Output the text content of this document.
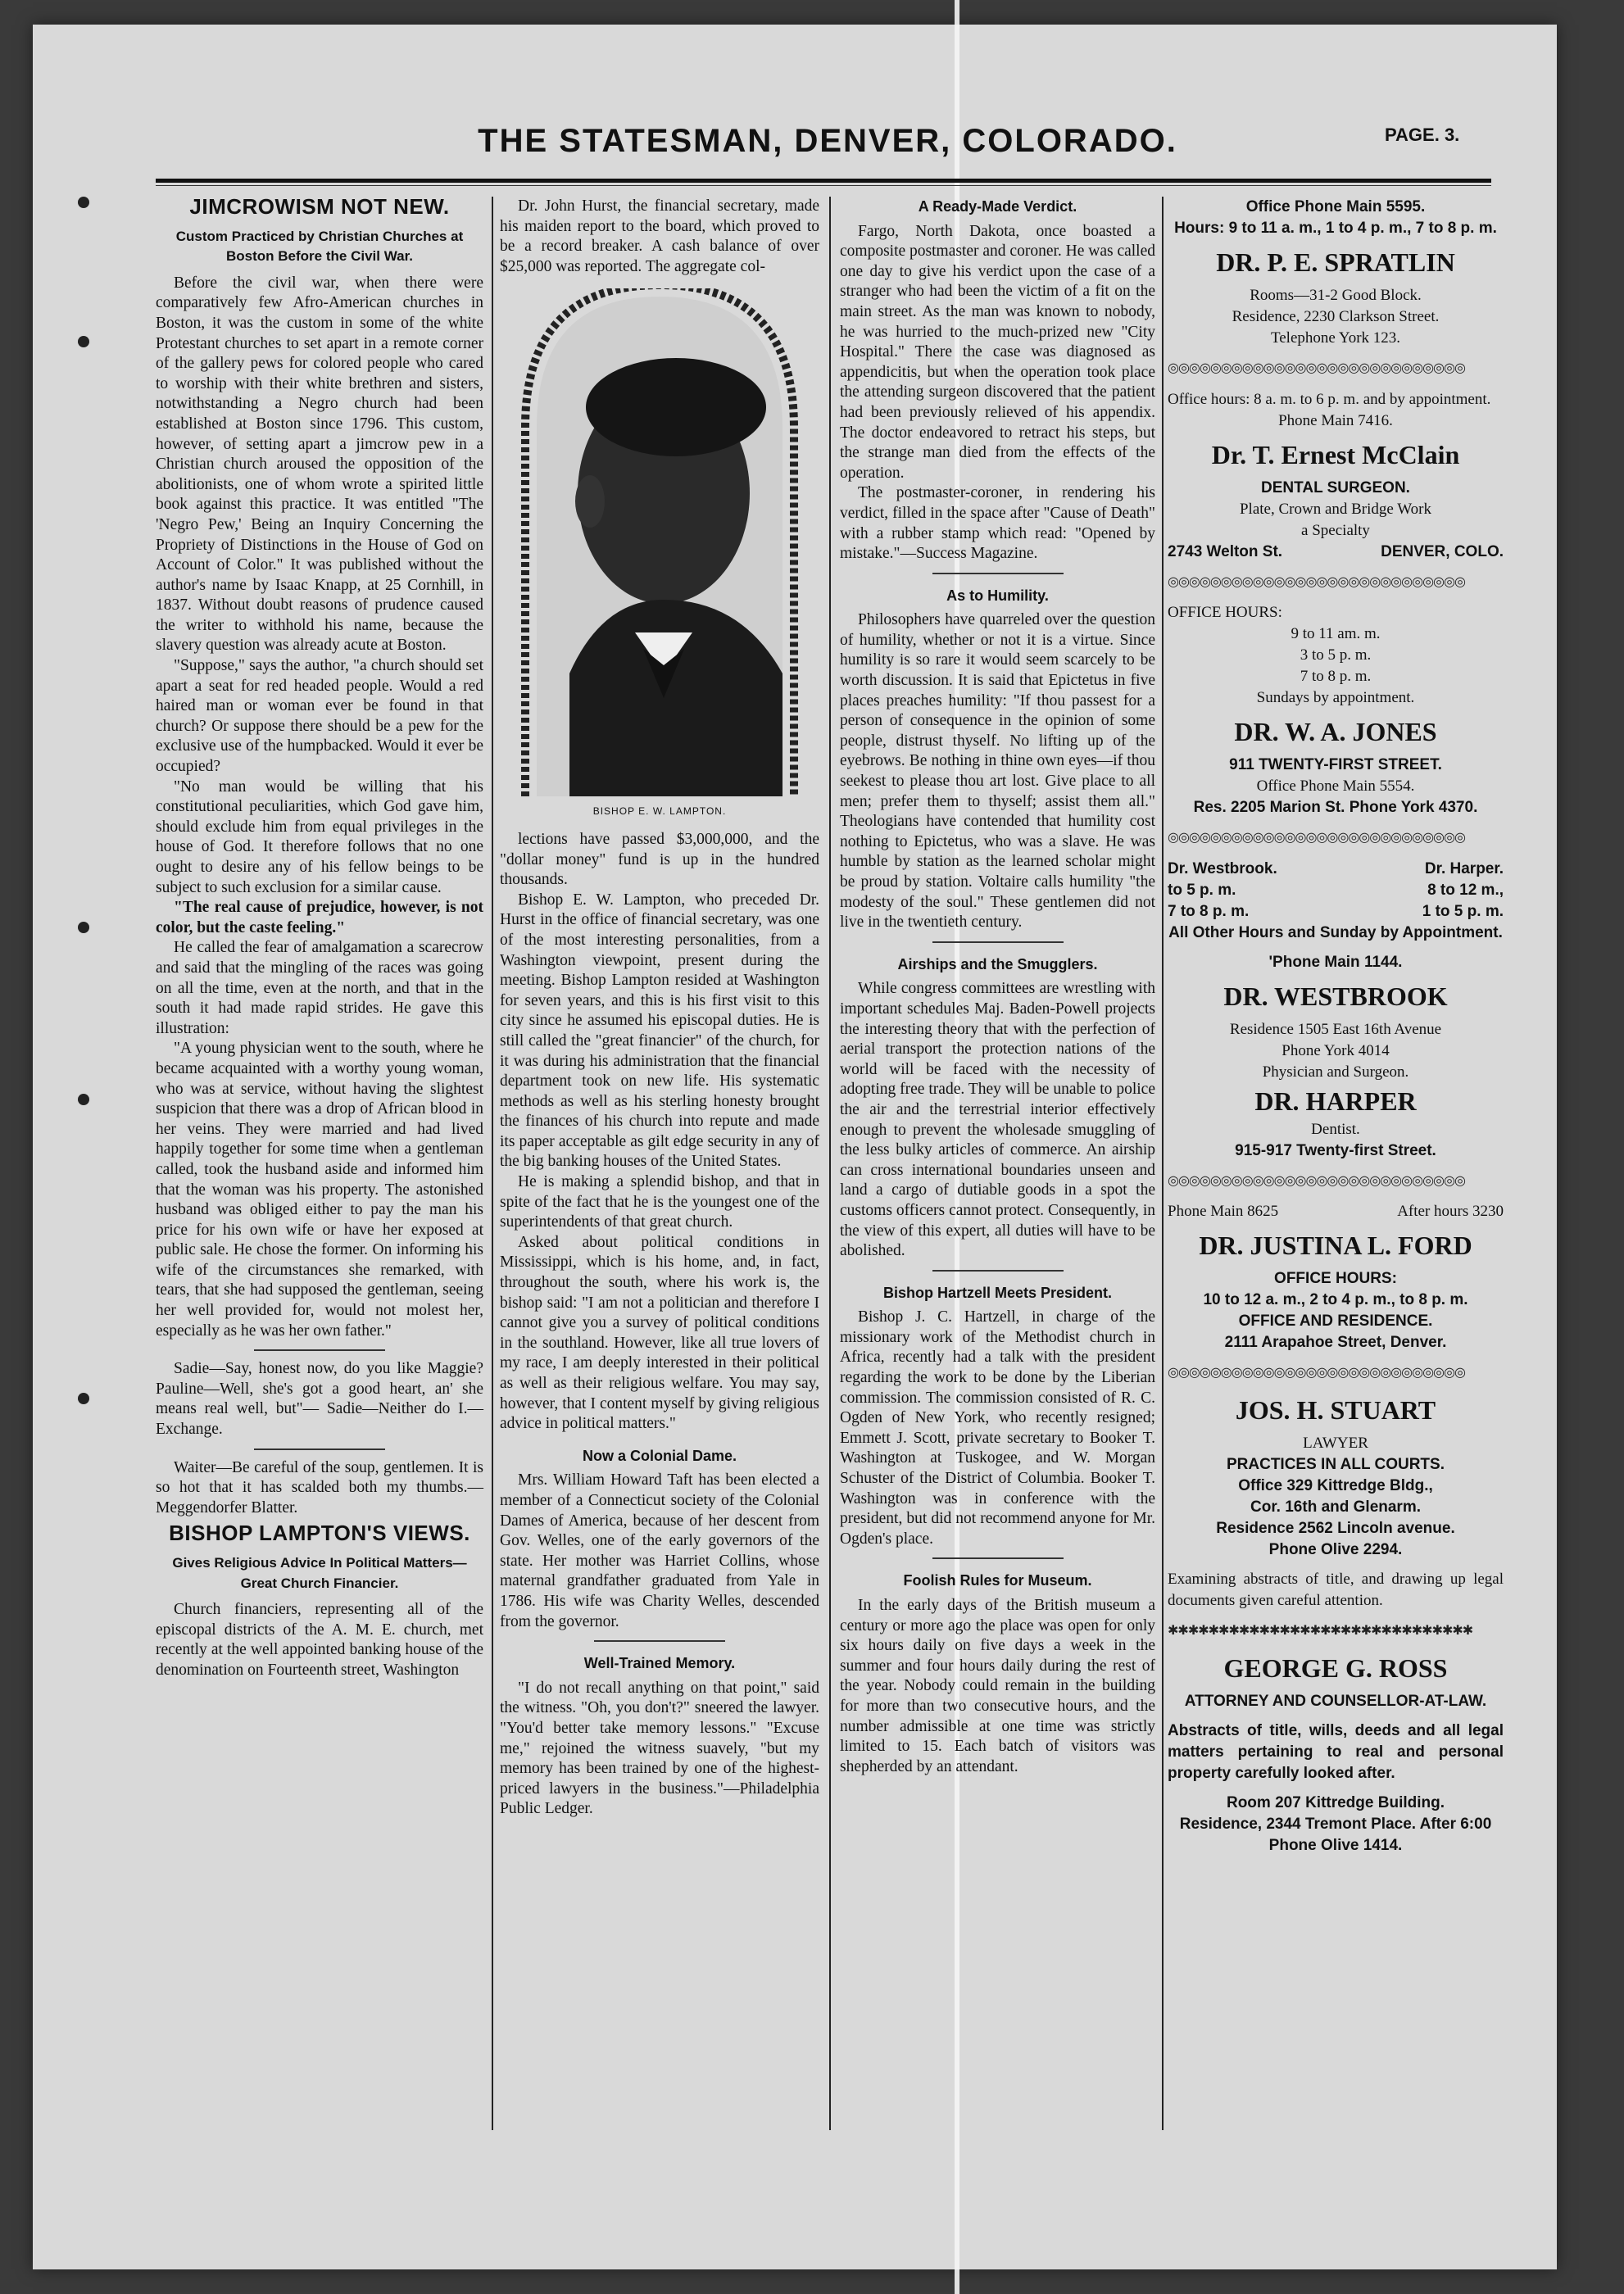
THE STATESMAN, DENVER, COLORADO.	PAGE. 3.
JIMCROWISM NOT NEW.
Custom Practiced by Christian Churches at Boston Before the Civil War.

Before the civil war, when there were comparatively few Afro-American churches in Boston, it was the custom in some of the white Protestant churches to set apart in a remote corner of the gallery pews for colored people who cared to worship with their white brethren and sisters, notwithstanding a Negro church had been established at Boston since 1796. This custom, however, of setting apart a jimcrow pew in a Christian church aroused the opposition of the abolitionists, one of whom wrote a spirited little book against this practice. It was entitled "The 'Negro Pew,' Being an Inquiry Concerning the Propriety of Distinctions in the House of God on Account of Color." It was published without the author's name by Isaac Knapp, at 25 Cornhill, in 1837. Without doubt reasons of prudence caused the writer to withhold his name, because the slavery question was already acute at Boston.

"Suppose," says the author, "a church should set apart a seat for red headed people. Would a red haired man or woman ever be found in that church? Or suppose there should be a pew for the exclusive use of the humpbacked. Would it ever be occupied?

"No man would be willing that his constitutional peculiarities, which God gave him, should exclude him from equal privileges in the house of God. It therefore follows that no one ought to desire any of his fellow beings to be subject to such exclusion for a similar cause.

"The real cause of prejudice, however, is not color, but the caste feeling."

He called the fear of amalgamation a scarecrow and said that the mingling of the races was going on all the time, even at the north, and that in the south it had made rapid strides. He gave this illustration:

"A young physician went to the south, where he became acquainted with a worthy young woman, who was at service, without having the slightest suspicion that there was a drop of African blood in her veins. They were married and had lived happily together for some time when a gentleman called, took the husband aside and informed him that the woman was his property. The astonished husband was obliged either to pay the man his price for his own wife or have her exposed at public sale. He chose the former. On informing his wife of the circumstances she remarked, with tears, that she had supposed the gentleman, seeing her well provided for, would not molest her, especially as he was her own father."

Sadie—Say, honest now, do you like Maggie? Pauline—Well, she's got a good heart, an' she means real well, but"— Sadie—Neither do I.—Exchange.

Waiter—Be careful of the soup, gentlemen. It is so hot that it has scalded both my thumbs.—Meggendorfer Blatter.

BISHOP LAMPTON'S VIEWS.
Gives Religious Advice In Political Matters—Great Church Financier.

Church financiers, representing all of the episcopal districts of the A. M. E. church, met recently at the well appointed banking house of the denomination on Fourteenth street, Washington

Dr. John Hurst, the financial secretary, made his maiden report to the board, which proved to be a record breaker. A cash balance of over $25,000 was reported. The aggregate col-

BISHOP E. W. LAMPTON.

lections have passed $3,000,000, and the "dollar money" fund is up in the hundred thousands.

Bishop E. W. Lampton, who preceded Dr. Hurst in the office of financial secretary, was one of the most interesting personalities, from a Washington viewpoint, present during the meeting. Bishop Lampton resided at Washington for seven years, and this is his first visit to this city since he assumed his episcopal duties. He is still called the "great financier" of the church, for it was during his administration that the financial department took on new life. His systematic methods as well as his sterling honesty brought the finances of his church into repute and made its paper acceptable as gilt edge security in any of the big banking houses of the United States.

He is making a splendid bishop, and that in spite of the fact that he is the youngest one of the superintendents of that great church.

Asked about political conditions in Mississippi, which is his home, and, in fact, throughout the south, where his work is, the bishop said: "I am not a politician and therefore I cannot give you a survey of political conditions in the southland. However, like all true lovers of my race, I am deeply interested in their political as well as their religious welfare. You may say, however, that I content myself by giving religious advice in political matters."

Now a Colonial Dame.

Mrs. William Howard Taft has been elected a member of a Connecticut society of the Colonial Dames of America, because of her descent from Gov. Welles, one of the early governors of the state. Her mother was Harriet Collins, whose maternal grandfather graduated from Yale in 1786. His wife was Charity Welles, descended from the governor.

Well-Trained Memory.

"I do not recall anything on that point," said the witness. "Oh, you don't?" sneered the lawyer. "You'd better take memory lessons." "Excuse me," rejoined the witness suavely, "but my memory has been trained by one of the highest-priced lawyers in the business."—Philadelphia Public Ledger.

A Ready-Made Verdict.

Fargo, North Dakota, once boasted a composite postmaster and coroner. He was called one day to give his verdict upon the case of a stranger who had been the victim of a fit on the main street. As the man was known to nobody, he was hurried to the much-prized new "City Hospital." There the case was diagnosed as appendicitis, but when the operation took place the attending surgeon discovered that the patient had been previously relieved of his appendix. The doctor endeavored to retract his steps, but the strange man died from the effects of the operation.

The postmaster-coroner, in rendering his verdict, filled in the space after "Cause of Death" with a rubber stamp which read: "Opened by mistake."—Success Magazine.

As to Humility.

Philosophers have quarreled over the question of humility, whether or not it is a virtue. Since humility is so rare it would seem scarcely to be worth discussion. It is said that Epictetus in five places preaches humility: "If thou passest for a person of consequence in the opinion of some people, distrust thyself. No lifting up of the eyebrows. Be nothing in thine own eyes—if thou seekest to please thou art lost. Give place to all men; prefer them to thyself; assist them all." Theologians have contended that humility cost nothing to Epictetus, who was a slave. He was humble by station as the learned scholar might be proud by station. Voltaire calls humility "the modesty of the soul." These gentlemen did not live in the twentieth century.

Airships and the Smugglers.

While congress committees are wrestling with important schedules Maj. Baden-Powell projects the interesting theory that with the perfection of aerial transport the protection nations of the world will be faced with the necessity of adopting free trade. They will be unable to police the air and the terrestrial interior effectively enough to prevent the wholesade smuggling of the less bulky articles of commerce. An airship can cross international boundaries unseen and land a cargo of dutiable goods in a spot the customs officers cannot protect. Consequently, in the view of this expert, all duties will have to be abolished.

Bishop Hartzell Meets President.

Bishop J. C. Hartzell, in charge of the missionary work of the Methodist church in Africa, recently had a talk with the president regarding the work to be done by the Liberian commission. The commission consisted of R. C. Ogden of New York, who recently resigned; Emmett J. Scott, private secretary to Booker T. Washington at Tuskogee, and W. Morgan Schuster of the District of Columbia. Booker T. Washington was in conference with the president, but did not recommend anyone for Mr. Ogden's place.

Foolish Rules for Museum.

In the early days of the British museum a century or more ago the place was open for only six hours daily on five days a week in the summer and four hours daily during the rest of the year. Nobody could remain in the building for more than two consecutive hours, and the number admissible at one time was strictly limited to 15. Each batch of visitors was shepherded by an attendant.

Office Phone Main 5595.
Hours: 9 to 11 a. m., 1 to 4 p. m., 7 to 8 p. m.
DR. P. E. SPRATLIN
Rooms—31-2 Good Block.
Residence, 2230 Clarkson Street.
Telephone York 123.
◎◎◎◎◎◎◎◎◎◎◎◎◎◎◎◎◎◎◎◎◎◎◎◎◎◎◎◎
Office hours: 8 a. m. to 6 p. m. and by appointment.
Phone Main 7416.
Dr. T. Ernest McClain
DENTAL SURGEON.
Plate, Crown and Bridge Work
a Specialty
2743 Welton St.	DENVER, COLO.
◎◎◎◎◎◎◎◎◎◎◎◎◎◎◎◎◎◎◎◎◎◎◎◎◎◎◎◎
OFFICE HOURS:
9 to 11 am. m.
3 to 5 p. m.
7 to 8 p. m.
Sundays by appointment.
DR. W. A. JONES
911 TWENTY-FIRST STREET.
Office Phone Main 5554.
Res. 2205 Marion St. Phone York 4370.
◎◎◎◎◎◎◎◎◎◎◎◎◎◎◎◎◎◎◎◎◎◎◎◎◎◎◎◎
Dr. Westbrook.	Dr. Harper.
to 5 p. m.	8 to 12 m.,
7 to 8 p. m.	1 to 5 p. m.
All Other Hours and Sunday by Appointment.
'Phone Main 1144.
DR. WESTBROOK
Residence 1505 East 16th Avenue
Phone York 4014
Physician and Surgeon.
DR. HARPER
Dentist.
915-917 Twenty-first Street.
◎◎◎◎◎◎◎◎◎◎◎◎◎◎◎◎◎◎◎◎◎◎◎◎◎◎◎◎
Phone Main 8625	After hours 3230
DR. JUSTINA L. FORD
OFFICE HOURS:
10 to 12 a. m., 2 to 4 p. m., to 8 p. m.
OFFICE AND RESIDENCE.
2111 Arapahoe Street, Denver.
◎◎◎◎◎◎◎◎◎◎◎◎◎◎◎◎◎◎◎◎◎◎◎◎◎◎◎◎
JOS. H. STUART
LAWYER
PRACTICES IN ALL COURTS.
Office 329 Kittredge Bldg.,
Cor. 16th and Glenarm.
Residence 2562 Lincoln avenue.
Phone Olive 2294.
Examining abstracts of title, and drawing up legal documents given careful attention.
✱✱✱✱✱✱✱✱✱✱✱✱✱✱✱✱✱✱✱✱✱✱✱✱✱✱✱✱✱✱
GEORGE G. ROSS
ATTORNEY AND COUNSELLOR-AT-LAW.
Abstracts of title, wills, deeds and all legal matters pertaining to real and personal property carefully looked after.
Room 207 Kittredge Building.
Residence, 2344 Tremont Place. After 6:00 Phone Olive 1414.
